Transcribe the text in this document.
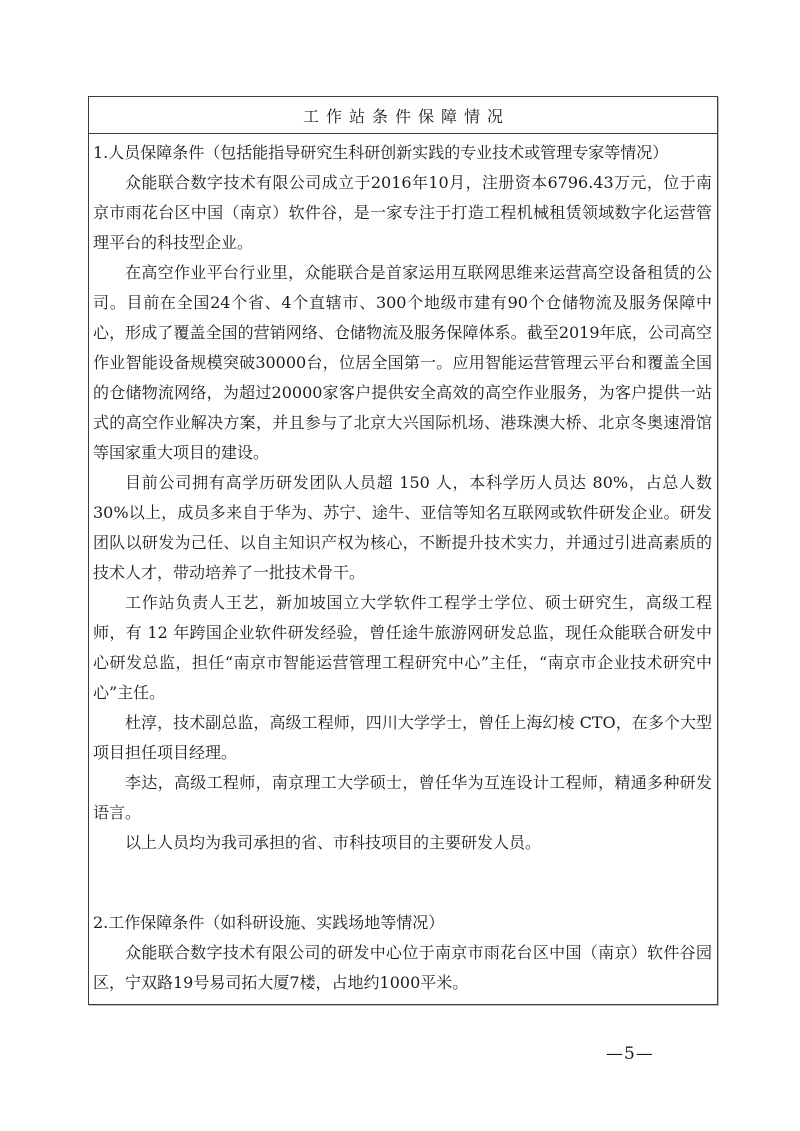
工作站条件保障情况
1.人员保障条件（包括能指导研究生科研创新实践的专业技术或管理专家等情况）
众能联合数字技术有限公司成立于2016年10月，注册资本6796.43万元，位于南京市雨花台区中国（南京）软件谷，是一家专注于打造工程机械租赁领域数字化运营管理平台的科技型企业。
在高空作业平台行业里，众能联合是首家运用互联网思维来运营高空设备租赁的公司。目前在全国24个省、4个直辖市、300个地级市建有90个仓储物流及服务保障中心，形成了覆盖全国的营销网络、仓储物流及服务保障体系。截至2019年底，公司高空作业智能设备规模突破30000台，位居全国第一。应用智能运营管理云平台和覆盖全国的仓储物流网络，为超过20000家客户提供安全高效的高空作业服务，为客户提供一站式的高空作业解决方案，并且参与了北京大兴国际机场、港珠澳大桥、北京冬奥速滑馆等国家重大项目的建设。
目前公司拥有高学历研发团队人员超 150 人，本科学历人员达 80%，占总人数 30%以上，成员多来自于华为、苏宁、途牛、亚信等知名互联网或软件研发企业。研发团队以研发为己任、以自主知识产权为核心，不断提升技术实力，并通过引进高素质的技术人才，带动培养了一批技术骨干。
工作站负责人王艺，新加坡国立大学软件工程学士学位、硕士研究生，高级工程师，有 12 年跨国企业软件研发经验，曾任途牛旅游网研发总监，现任众能联合研发中心研发总监，担任“南京市智能运营管理工程研究中心”主任，“南京市企业技术研究中心”主任。
杜淳，技术副总监，高级工程师，四川大学学士，曾任上海幻棱 CTO，在多个大型项目担任项目经理。
李达，高级工程师，南京理工大学硕士，曾任华为互连设计工程师，精通多种研发语言。
以上人员均为我司承担的省、市科技项目的主要研发人员。
2.工作保障条件（如科研设施、实践场地等情况）
众能联合数字技术有限公司的研发中心位于南京市雨花台区中国（南京）软件谷园区，宁双路19号易司拓大厦7楼，占地约1000平米。
—5—
